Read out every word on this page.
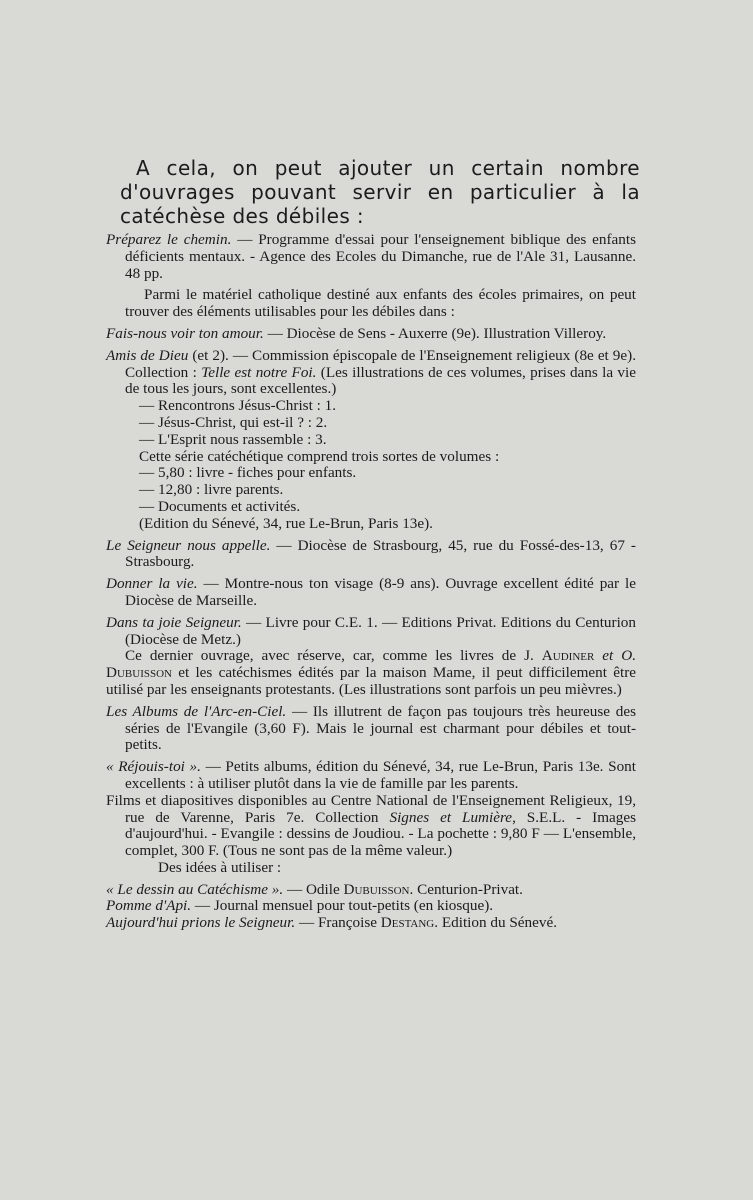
A cela, on peut ajouter un certain nombre d'ouvrages pouvant servir en particulier à la catéchèse des débiles :

Préparez le chemin. — Programme d'essai pour l'enseignement biblique des enfants déficients mentaux. - Agence des Ecoles du Dimanche, rue de l'Ale 31, Lausanne. 48 pp.

Parmi le matériel catholique destiné aux enfants des écoles primaires, on peut trouver des éléments utilisables pour les débiles dans :

Fais-nous voir ton amour. — Diocèse de Sens - Auxerre (9e). Illustration Villeroy.

Amis de Dieu (et 2). — Commission épiscopale de l'Enseignement religieux (8e et 9e). Collection : Telle est notre Foi. (Les illustrations de ces volumes, prises dans la vie de tous les jours, sont excellentes.)

— Rencontrons Jésus-Christ : 1.

— Jésus-Christ, qui est-il ? : 2.

— L'Esprit nous rassemble : 3.

Cette série catéchétique comprend trois sortes de volumes :

— 5,80 : livre - fiches pour enfants.

— 12,80 : livre parents.

— Documents et activités.

(Edition du Sénevé, 34, rue Le-Brun, Paris 13e).

Le Seigneur nous appelle. — Diocèse de Strasbourg, 45, rue du Fossé-des-13, 67 - Strasbourg.

Donner la vie. — Montre-nous ton visage (8-9 ans). Ouvrage excellent édité par le Diocèse de Marseille.

Dans ta joie Seigneur. — Livre pour C.E. 1. — Editions Privat. Editions du Centurion (Diocèse de Metz.)

Ce dernier ouvrage, avec réserve, car, comme les livres de J. Audiner et O. Dubuisson et les catéchismes édités par la maison Mame, il peut difficilement être utilisé par les enseignants protestants. (Les illustrations sont parfois un peu mièvres.)

Les Albums de l'Arc-en-Ciel. — Ils illutrent de façon pas toujours très heureuse des séries de l'Evangile (3,60 F). Mais le journal est charmant pour débiles et tout-petits.

« Réjouis-toi ». — Petits albums, édition du Sénevé, 34, rue Le-Brun, Paris 13e. Sont excellents : à utiliser plutôt dans la vie de famille par les parents.

Films et diapositives disponibles au Centre National de l'Enseignement Religieux, 19, rue de Varenne, Paris 7e. Collection Signes et Lumière, S.E.L. - Images d'aujourd'hui. - Evangile : dessins de Joudiou. - La pochette : 9,80 F — L'ensemble, complet, 300 F. (Tous ne sont pas de la même valeur.)

Des idées à utiliser :

« Le dessin au Catéchisme ». — Odile Dubuisson. Centurion-Privat.

Pomme d'Api. — Journal mensuel pour tout-petits (en kiosque).

Aujourd'hui prions le Seigneur. — Françoise Destang. Edition du Sénevé.
